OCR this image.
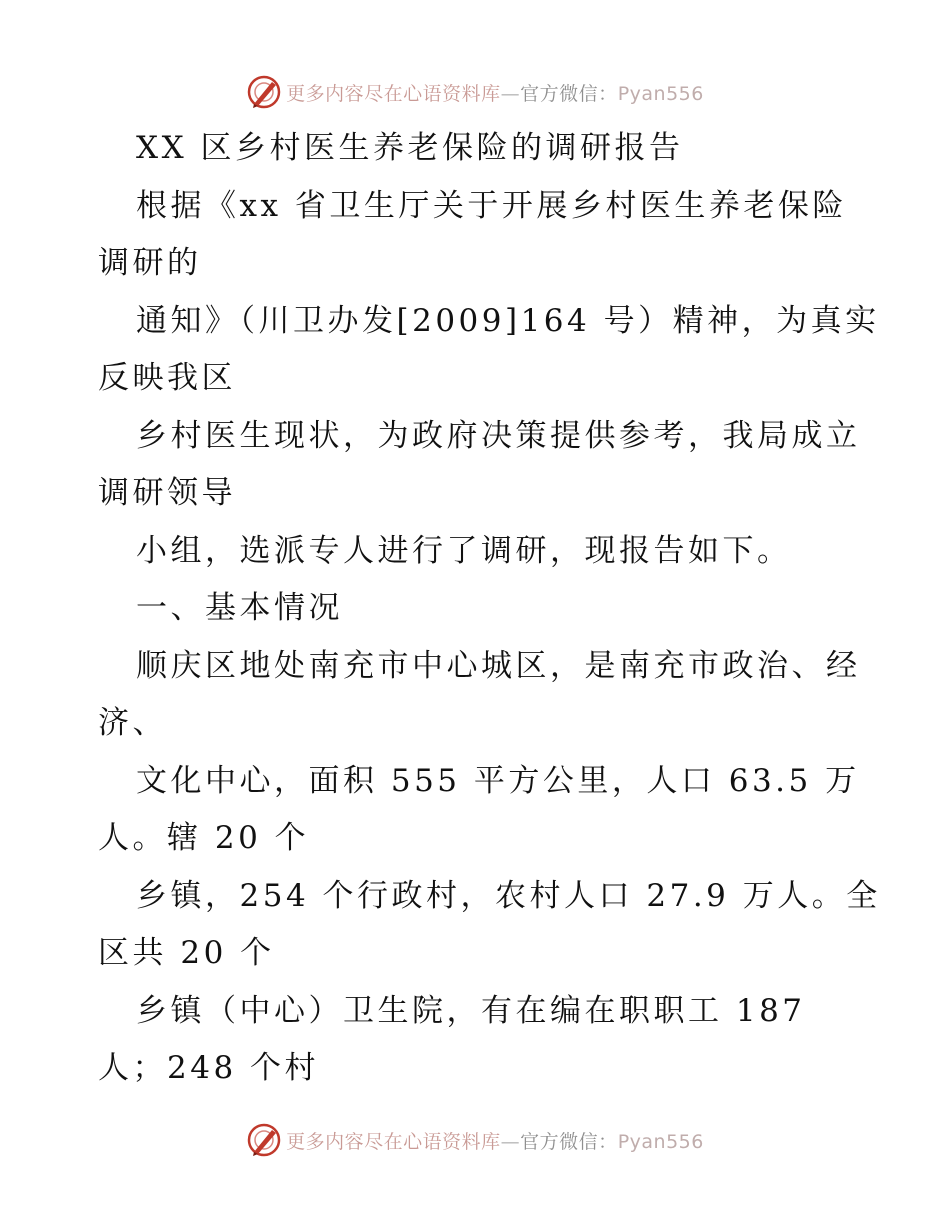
更多内容尽在心语资料库—官方微信：Pyan556
XX 区乡村医生养老保险的调研报告
根据《xx 省卫生厅关于开展乡村医生养老保险
调研的
通知》（川卫办发[2009]164 号）精神，为真实
反映我区
乡村医生现状，为政府决策提供参考，我局成立
调研领导
小组，选派专人进行了调研，现报告如下。
一、基本情况
顺庆区地处南充市中心城区，是南充市政治、经
济、
文化中心，面积 555 平方公里，人口 63.5 万
人。辖 20 个
乡镇，254 个行政村，农村人口 27.9 万人。全
区共 20 个
乡镇（中心）卫生院，有在编在职职工 187
人；248 个村
更多内容尽在心语资料库—官方微信：Pyan556
